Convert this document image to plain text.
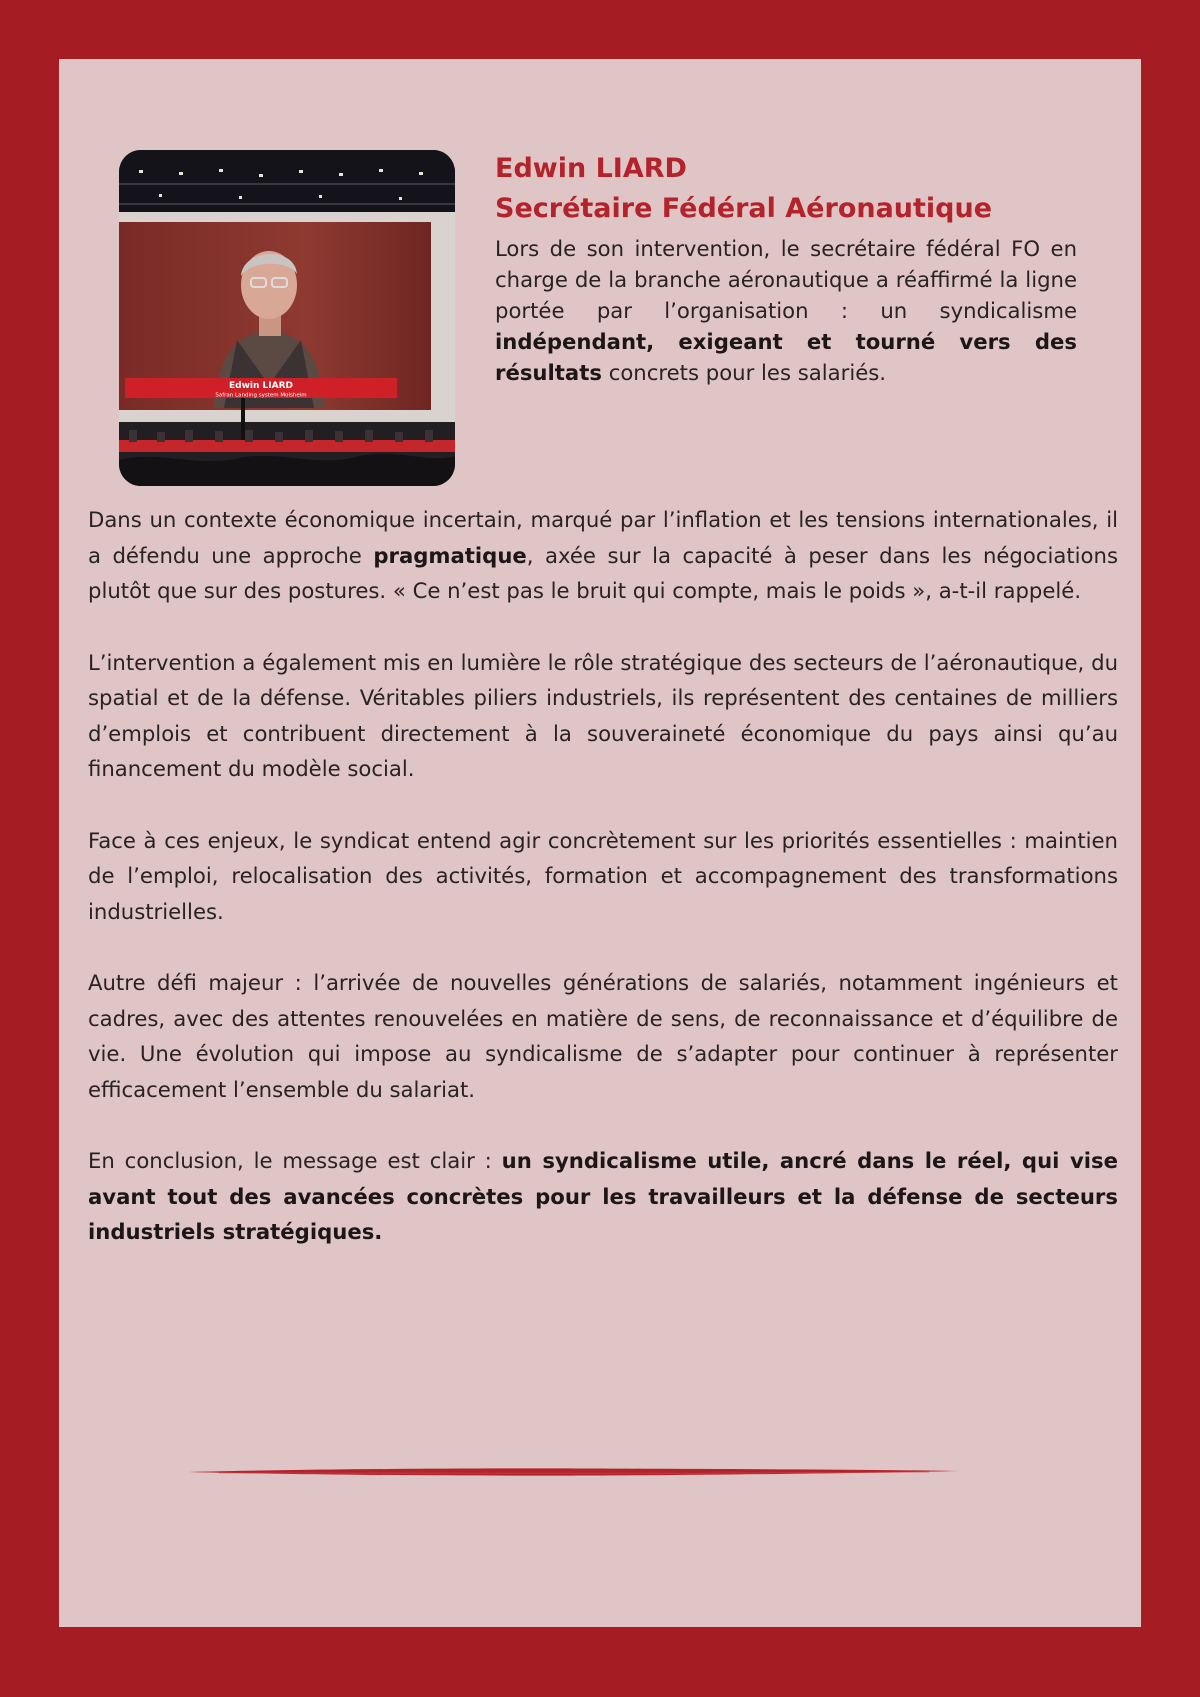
Edwin LIARD
Safran Landing system Molsheim
Edwin LIARD
Secrétaire Fédéral Aéronautique

Lors de son intervention, le secrétaire fédéral FO en charge de la branche aéronautique a réaffirmé la ligne portée par l’organisation : un syndicalisme indépendant, exigeant et tourné vers des résultats concrets pour les salariés.

Dans un contexte économique incertain, marqué par l’inflation et les tensions internationales, il a défendu une approche pragmatique, axée sur la capacité à peser dans les négociations plutôt que sur des postures. « Ce n’est pas le bruit qui compte, mais le poids », a-t-il rappelé.

L’intervention a également mis en lumière le rôle stratégique des secteurs de l’aéronautique, du spatial et de la défense. Véritables piliers industriels, ils représentent des centaines de milliers d’emplois et contribuent directement à la souveraineté économique du pays ainsi qu’au financement du modèle social.

Face à ces enjeux, le syndicat entend agir concrètement sur les priorités essentielles : maintien de l’emploi, relocalisation des activités, formation et accompagnement des transformations industrielles.

Autre défi majeur : l’arrivée de nouvelles générations de salariés, notamment ingénieurs et cadres, avec des attentes renouvelées en matière de sens, de reconnaissance et d’équilibre de vie. Une évolution qui impose au syndicalisme de s’adapter pour continuer à représenter efficacement l’ensemble du salariat.

En conclusion, le message est clair : un syndicalisme utile, ancré dans le réel, qui vise avant tout des avancées concrètes pour les travailleurs et la défense de secteurs industriels stratégiques.
